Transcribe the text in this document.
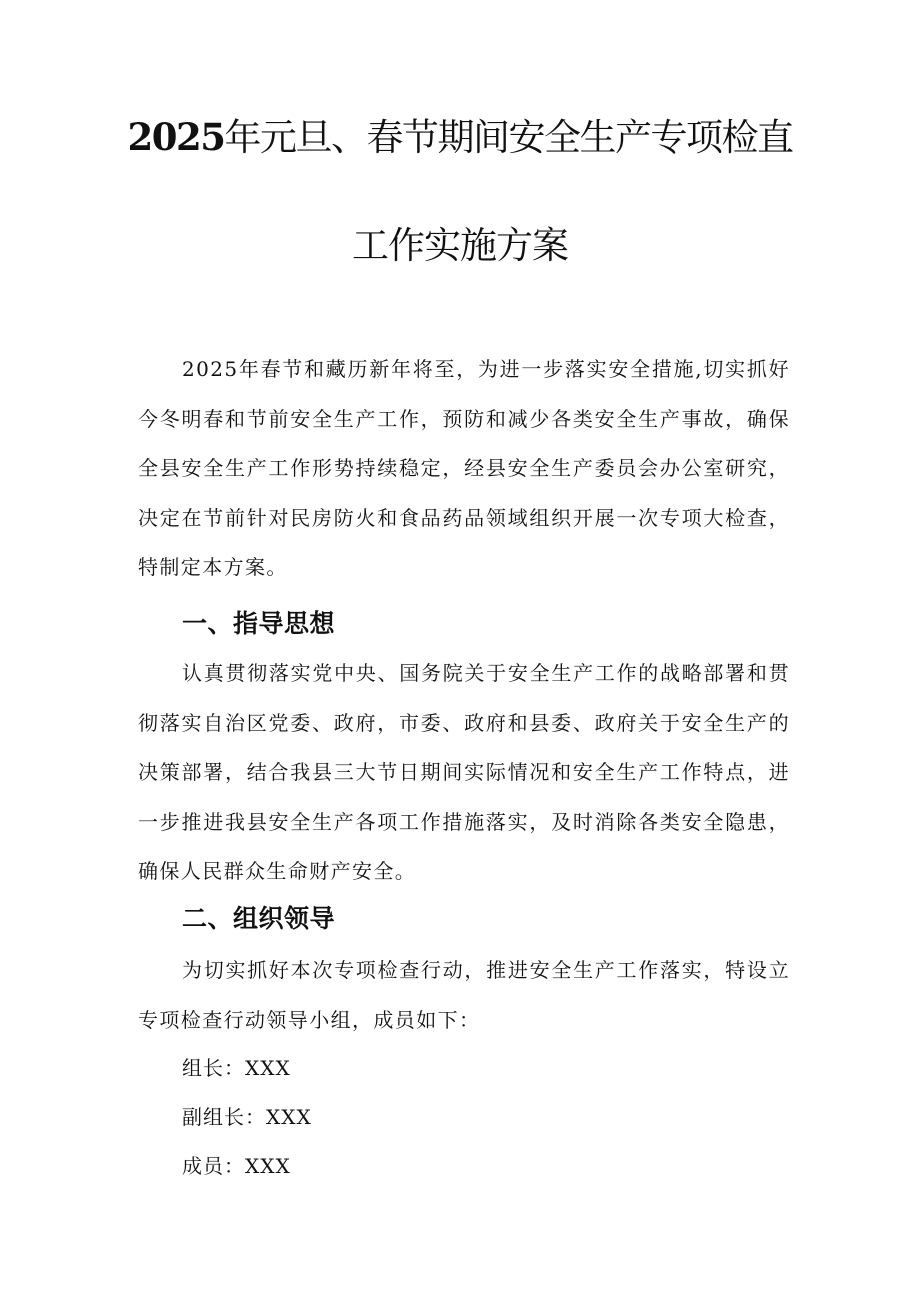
2025年元旦、春节期间安全生产专项检直
工作实施方案

2025年春节和藏历新年将至，为进一步落实安全措施,切实抓好今冬明春和节前安全生产工作，预防和减少各类安全生产事故，确保全县安全生产工作形势持续稳定，经县安全生产委员会办公室研究，决定在节前针对民房防火和食品药品领域组织开展一次专项大检查，特制定本方案。

一、指导思想

认真贯彻落实党中央、国务院关于安全生产工作的战略部署和贯彻落实自治区党委、政府，市委、政府和县委、政府关于安全生产的决策部署，结合我县三大节日期间实际情况和安全生产工作特点，进一步推进我县安全生产各项工作措施落实，及时消除各类安全隐患，确保人民群众生命财产安全。

二、组织领导

为切实抓好本次专项检查行动，推进安全生产工作落实，特设立专项检查行动领导小组，成员如下：

组长：XXX

副组长：XXX

成员：XXX
